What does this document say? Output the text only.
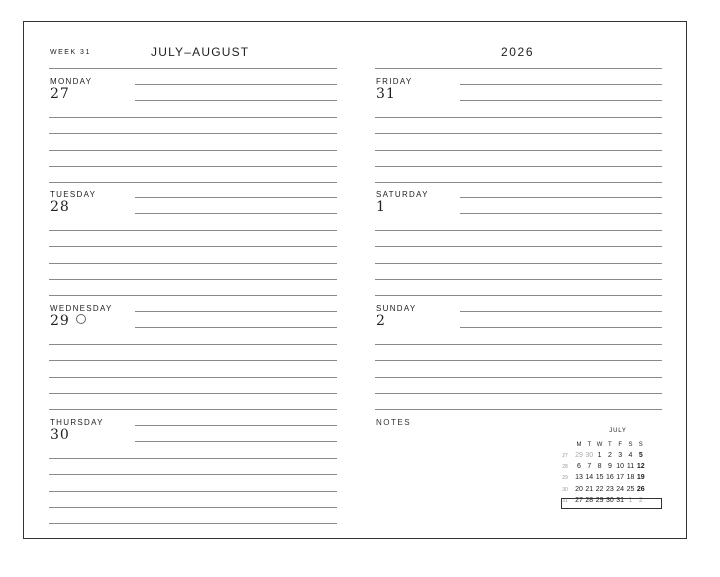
WEEK 31	JULY–AUGUST	2026
NOTES
JULY
M T W T	F	S	S
27 29 30 1 2 3 4 5
28	6 7 8 9 10 11 12
29 13 14 15 16 17 18 19
30 20 21 22 23 24 25 26
31 27 28 29 30 31 1 2
MONDAY
27
TUESDAY
28
WEDNESDAY
29
THURSDAY
30
FRIDAY
31
SATURDAY
1
SUNDAY
2
